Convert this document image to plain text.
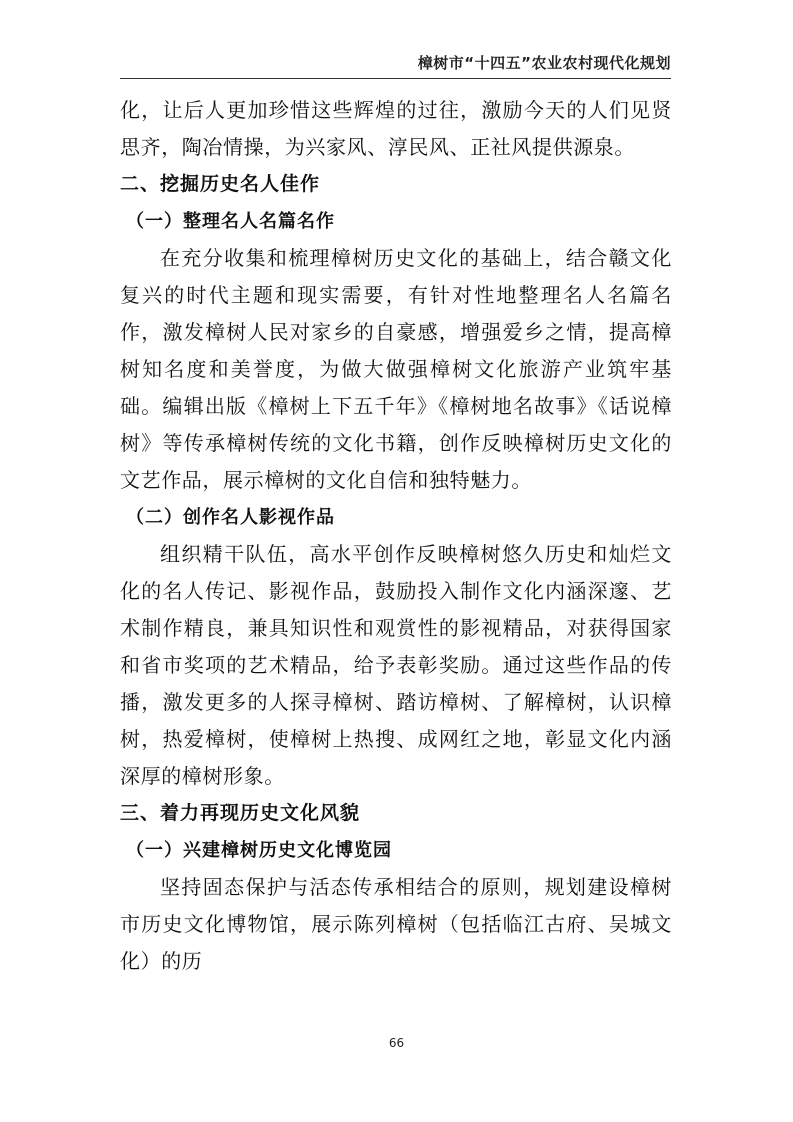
樟树市“十四五”农业农村现代化规划

化，让后人更加珍惜这些辉煌的过往，激励今天的人们见贤思齐，陶冶情操，为兴家风、淳民风、正社风提供源泉。

二、挖掘历史名人佳作

（一）整理名人名篇名作

在充分收集和梳理樟树历史文化的基础上，结合赣文化复兴的时代主题和现实需要，有针对性地整理名人名篇名作，激发樟树人民对家乡的自豪感，增强爱乡之情，提高樟树知名度和美誉度，为做大做强樟树文化旅游产业筑牢基础。编辑出版《樟树上下五千年》《樟树地名故事》《话说樟树》等传承樟树传统的文化书籍，创作反映樟树历史文化的文艺作品，展示樟树的文化自信和独特魅力。

（二）创作名人影视作品

组织精干队伍，高水平创作反映樟树悠久历史和灿烂文化的名人传记、影视作品，鼓励投入制作文化内涵深邃、艺术制作精良，兼具知识性和观赏性的影视精品，对获得国家和省市奖项的艺术精品，给予表彰奖励。通过这些作品的传播，激发更多的人探寻樟树、踏访樟树、了解樟树，认识樟树，热爱樟树，使樟树上热搜、成网红之地，彰显文化内涵深厚的樟树形象。

三、着力再现历史文化风貌

（一）兴建樟树历史文化博览园

坚持固态保护与活态传承相结合的原则，规划建设樟树市历史文化博物馆，展示陈列樟树（包括临江古府、吴城文化）的历

66
